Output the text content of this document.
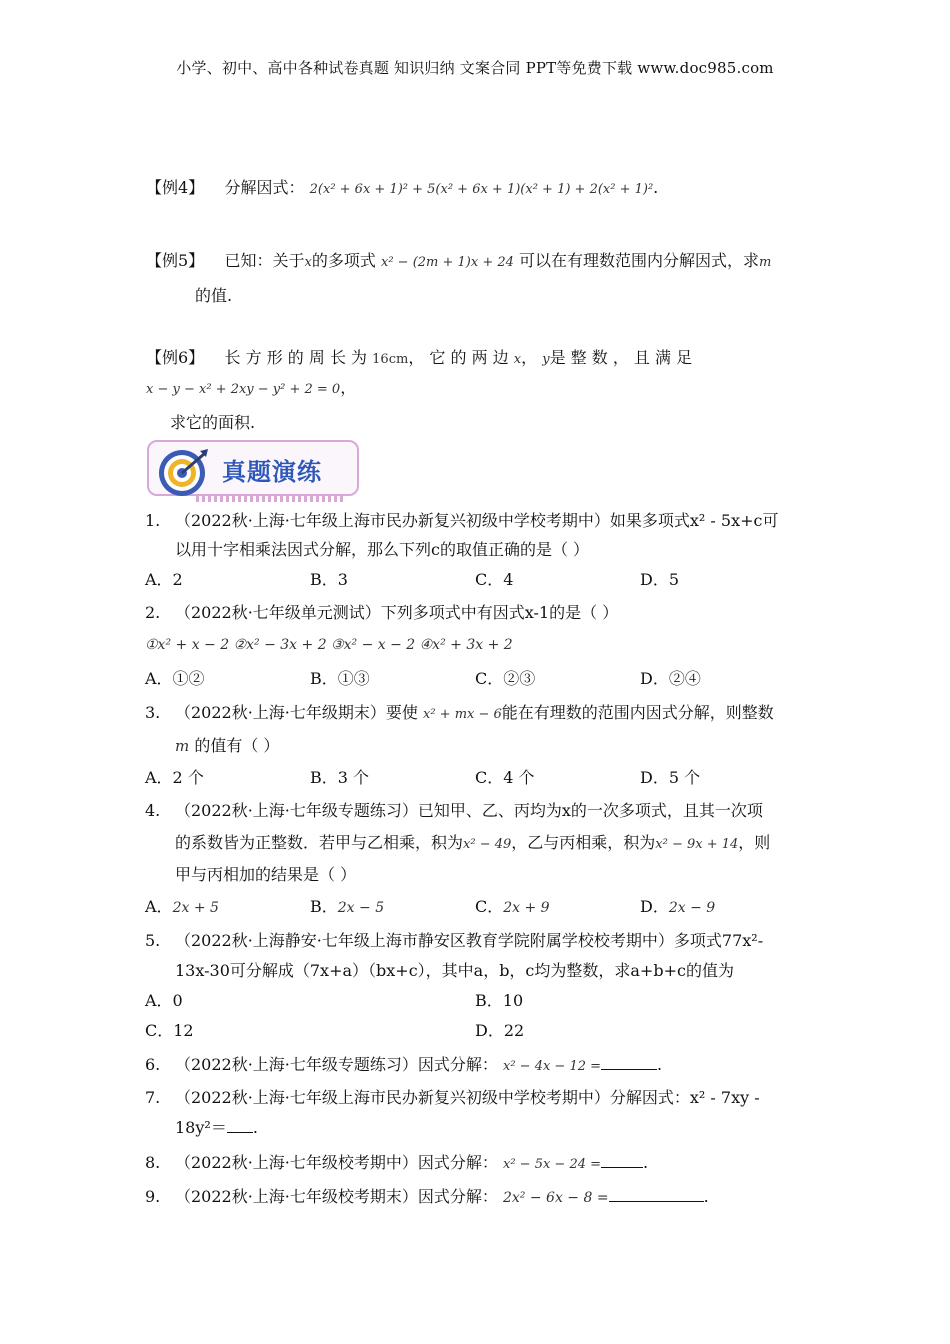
小学、初中、高中各种试卷真题 知识归纳 文案合同 PPT等免费下载 www.doc985.com
【例4】 分解因式： 2(x² + 6x + 1)² + 5(x² + 6x + 1)(x² + 1) + 2(x² + 1)².
【例5】 已知：关于x的多项式 x² − (2m + 1)x + 24 可以在有理数范围内分解因式，求m
的值.
【例6】 长 方 形 的 周 长 为 16cm， 它 的 两 边 x， y是 整 数 ， 且 满 足
x − y − x² + 2xy − y² + 2 = 0，
求它的面积.
真题演练
1. （2022秋·上海·七年级上海市民办新复兴初级中学校考期中）如果多项式x² - 5x+c可
以用十字相乘法因式分解，那么下列c的取值正确的是（ ）
A．2	B．3	C．4	D．5
2. （2022秋·七年级单元测试）下列多项式中有因式x-1的是（ ）
①x² + x − 2 ②x² − 3x + 2 ③x² − x − 2 ④x² + 3x + 2
A．①②	B．①③	C．②③	D．②④
3. （2022秋·上海·七年级期末）要使 x² + mx − 6能在有理数的范围内因式分解，则整数
m 的值有（ ）
A．2 个	B．3 个	C．4 个	D．5 个
4. （2022秋·上海·七年级专题练习）已知甲、乙、丙均为x的一次多项式，且其一次项
的系数皆为正整数．若甲与乙相乘，积为x² − 49，乙与丙相乘，积为x² − 9x + 14，则
甲与丙相加的结果是（ ）
A．2x + 5	B．2x − 5	C．2x + 9	D．2x − 9
5. （2022秋·上海静安·七年级上海市静安区教育学院附属学校校考期中）多项式77x²-
13x-30可分解成（7x+a）（bx+c），其中a，b，c均为整数，求a+b+c的值为
A．0	B．10
C．12	D．22
6. （2022秋·上海·七年级专题练习）因式分解： x² − 4x − 12 =	.
7. （2022秋·上海·七年级上海市民办新复兴初级中学校考期中）分解因式：x² - 7xy -
18y²＝ .
8. （2022秋·上海·七年级校考期中）因式分解： x² − 5x − 24 =	.
9. （2022秋·上海·七年级校考期末）因式分解： 2x² − 6x − 8 =	.
